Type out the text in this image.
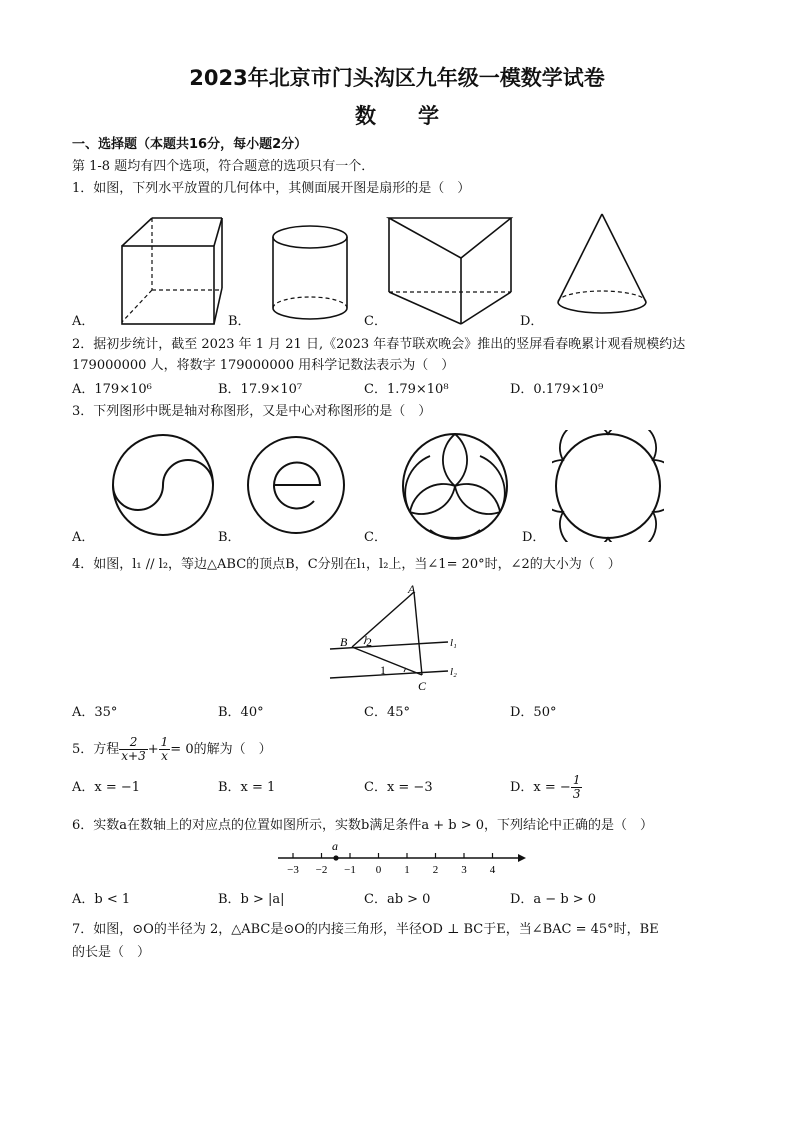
2023年北京市门头沟区九年级一模数学试卷
数　　学
一、选择题（本题共16分，每小题2分）
第 1-8 题均有四个选项，符合题意的选项只有一个．
1．如图，下列水平放置的几何体中，其侧面展开图是扇形的是（　）
A．	B．	C．	D．
2．据初步统计，截至 2023 年 1 月 21 日,《2023 年春节联欢晚会》推出的竖屏看春晚累计观看规模约达
179000000 人，将数字 179000000 用科学记数法表示为（　）
A．179×10⁶	B．17.9×10⁷	C．1.79×10⁸	D．0.179×10⁹
3．下列图形中既是轴对称图形，又是中心对称图形的是（　）
A．	B．	C．	D．
4．如图，l₁ // l₂，等边△ABC的顶点B，C分别在l₁，l₂上，当∠1= 20°时，∠2的大小为（　）
A
B
C
1
2	l₁
l₂
A．35°	B．40°	C．45°	D．50°
5．方程 $\frac{2}{x+3} + \frac{1}{x} = 0$的解为（　）
A．x = −1	B．x = 1	C．x = −3	D．x = − $\frac{1}{3}$
6．实数a在数轴上的对应点的位置如图所示，实数b满足条件a + b > 0，下列结论中正确的是（　）
−3 −2 −1 0 1 2 3 4
a
A．b < 1	B．b > |a|	C．ab > 0	D．a − b > 0
7．如图，⊙O的半径为 2，△ABC是⊙O的内接三角形，半径OD ⊥ BC于E，当∠BAC = 45°时，BE
的长是（　）
